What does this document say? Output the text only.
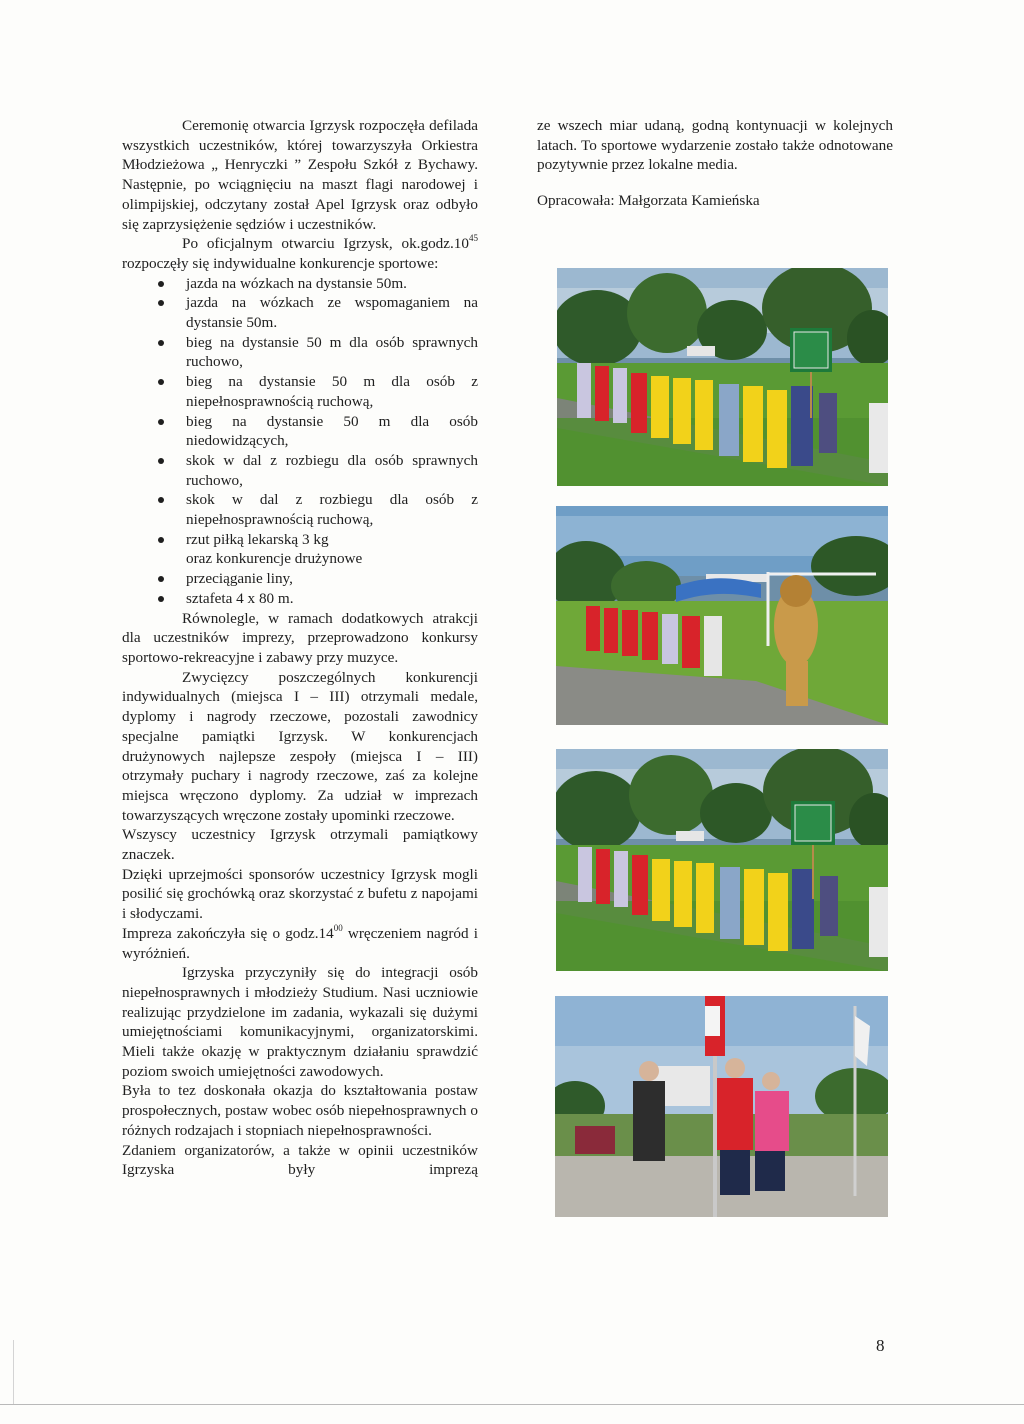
Ceremonię otwarcia Igrzysk rozpoczęła defilada wszystkich uczestników, której towarzyszyła Orkiestra Młodzieżowa „ Henryczki ” Zespołu Szkół z Bychawy. Następnie, po wciągnięciu na maszt flagi narodowej i olimpijskiej, odczytany został Apel Igrzysk oraz odbyło się zaprzysiężenie sędziów i uczestników.

Po oficjalnym otwarciu Igrzysk, $ok.godz.10^{45}$ rozpoczęły się indywidualne konkurencje sportowe:

jazda na wózkach na dystansie 50m.
jazda na wózkach ze wspomaganiem na dystansie 50m.
bieg na dystansie 50 m dla osób sprawnych ruchowo,
bieg na dystansie 50 m dla osób z niepełnosprawnością ruchową,
bieg na dystansie 50 m dla osób niedowidzących,
skok w dal z rozbiegu dla osób sprawnych ruchowo,
skok w dal z rozbiegu dla osób z niepełnosprawnością ruchową,
rzut piłką lekarską 3 kg

oraz konkurencje drużynowe

przeciąganie liny,
sztafeta 4 x 80 m.

Równolegle, w ramach dodatkowych atrakcji dla uczestników imprezy, przeprowadzono konkursy sportowo-rekreacyjne i zabawy przy muzyce.

Zwycięzcy poszczególnych konkurencji indywidualnych (miejsca I – III) otrzymali medale, dyplomy i nagrody rzeczowe, pozostali zawodnicy specjalne pamiątki Igrzysk. W konkurencjach drużynowych najlepsze zespoły (miejsca I – III) otrzymały puchary i nagrody rzeczowe, zaś za kolejne miejsca wręczono dyplomy. Za udział w imprezach towarzyszących wręczone zostały upominki rzeczowe.

Wszyscy uczestnicy Igrzysk otrzymali pamiątkowy znaczek.

Dzięki uprzejmości sponsorów uczestnicy Igrzysk mogli posilić się grochówką oraz skorzystać z bufetu z napojami i słodyczami.

Impreza zakończyła się o $godz.14^{00}$ wręczeniem nagród i wyróżnień.

Igrzyska przyczyniły się do integracji osób niepełnosprawnych i młodzieży Studium. Nasi uczniowie realizując przydzielone im zadania, wykazali się dużymi umiejętnościami komunikacyjnymi, organizatorskimi. Mieli także okazję w praktycznym działaniu sprawdzić poziom swoich umiejętności zawodowych.

Była to tez doskonała okazja do kształtowania postaw prospołecznych, postaw wobec osób niepełnosprawnych o różnych rodzajach i stopniach niepełnosprawności.

Zdaniem organizatorów, a także w opinii uczestników Igrzyska były imprezą

ze wszech miar udaną, godną kontynuacji w kolejnych latach. To sportowe wydarzenie zostało także odnotowane pozytywnie przez lokalne media.

Opracowała: Małgorzata Kamieńska

8
